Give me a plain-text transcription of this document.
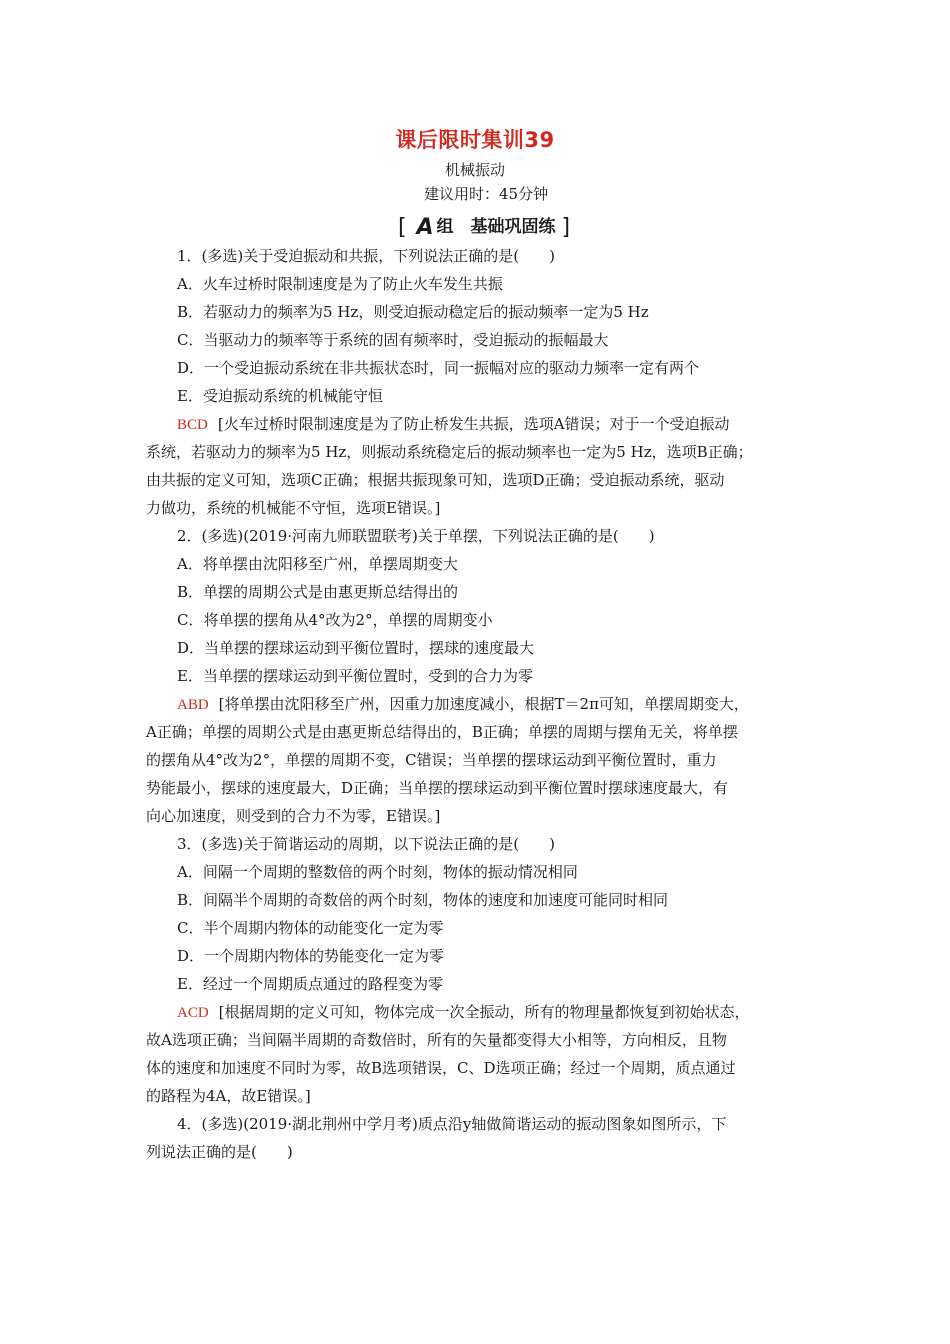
课后限时集训39
机械振动
建议用时：45分钟
[ A 组　基础巩固练 ]
1．(多选)关于受迫振动和共振，下列说法正确的是(　　)
A．火车过桥时限制速度是为了防止火车发生共振
B．若驱动力的频率为5 Hz，则受迫振动稳定后的振动频率一定为5 Hz
C．当驱动力的频率等于系统的固有频率时，受迫振动的振幅最大
D．一个受迫振动系统在非共振状态时，同一振幅对应的驱动力频率一定有两个
E．受迫振动系统的机械能守恒
BCD [火车过桥时限制速度是为了防止桥发生共振，选项A错误；对于一个受迫振动
系统，若驱动力的频率为5 Hz，则振动系统稳定后的振动频率也一定为5 Hz，选项B正确；
由共振的定义可知，选项C正确；根据共振现象可知，选项D正确；受迫振动系统，驱动
力做功，系统的机械能不守恒，选项E错误。]
2．(多选)(2019·河南九师联盟联考)关于单摆，下列说法正确的是(　　)
A．将单摆由沈阳移至广州，单摆周期变大
B．单摆的周期公式是由惠更斯总结得出的
C．将单摆的摆角从4°改为2°，单摆的周期变小
D．当单摆的摆球运动到平衡位置时，摆球的速度最大
E．当单摆的摆球运动到平衡位置时，受到的合力为零
ABD [将单摆由沈阳移至广州，因重力加速度减小，根据T＝2π可知，单摆周期变大，
A正确；单摆的周期公式是由惠更斯总结得出的，B正确；单摆的周期与摆角无关，将单摆
的摆角从4°改为2°，单摆的周期不变，C错误；当单摆的摆球运动到平衡位置时，重力
势能最小，摆球的速度最大，D正确；当单摆的摆球运动到平衡位置时摆球速度最大，有
向心加速度，则受到的合力不为零，E错误。]
3．(多选)关于简谐运动的周期，以下说法正确的是(　　)
A．间隔一个周期的整数倍的两个时刻，物体的振动情况相同
B．间隔半个周期的奇数倍的两个时刻，物体的速度和加速度可能同时相同
C．半个周期内物体的动能变化一定为零
D．一个周期内物体的势能变化一定为零
E．经过一个周期质点通过的路程变为零
ACD [根据周期的定义可知，物体完成一次全振动，所有的物理量都恢复到初始状态，
故A选项正确；当间隔半周期的奇数倍时，所有的矢量都变得大小相等，方向相反，且物
体的速度和加速度不同时为零，故B选项错误，C、D选项正确；经过一个周期，质点通过
的路程为4A，故E错误。]
4．(多选)(2019·湖北荆州中学月考)质点沿y轴做简谐运动的振动图象如图所示，下
列说法正确的是(　　)
